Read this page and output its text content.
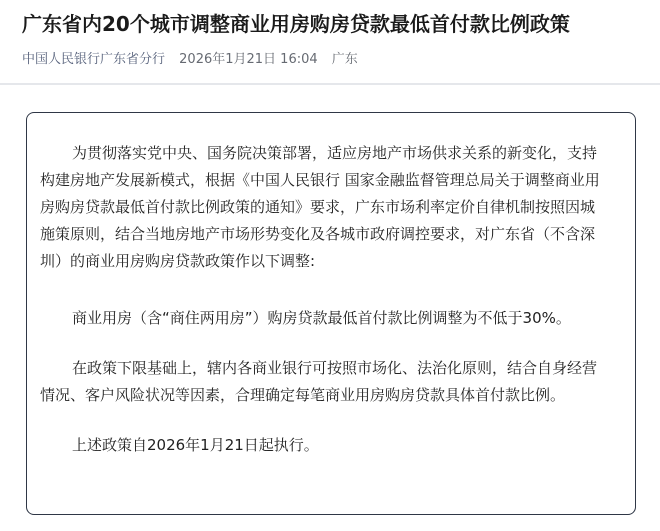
广东省内20个城市调整商业用房购房贷款最低首付款比例政策
中国人民银行广东省分行 2026年1月21日 16:04 广东

为贯彻落实党中央、国务院决策部署，适应房地产市场供求关系的新变化，支持构建房地产发展新模式，根据《中国人民银行 国家金融监督管理总局关于调整商业用房购房贷款最低首付款比例政策的通知》要求，广东市场利率定价自律机制按照因城施策原则，结合当地房地产市场形势变化及各城市政府调控要求，对广东省（不含深圳）的商业用房购房贷款政策作以下调整:

商业用房（含“商住两用房”）购房贷款最低首付款比例调整为不低于30%。

在政策下限基础上，辖内各商业银行可按照市场化、法治化原则，结合自身经营情况、客户风险状况等因素，合理确定每笔商业用房购房贷款具体首付款比例。

上述政策自2026年1月21日起执行。
